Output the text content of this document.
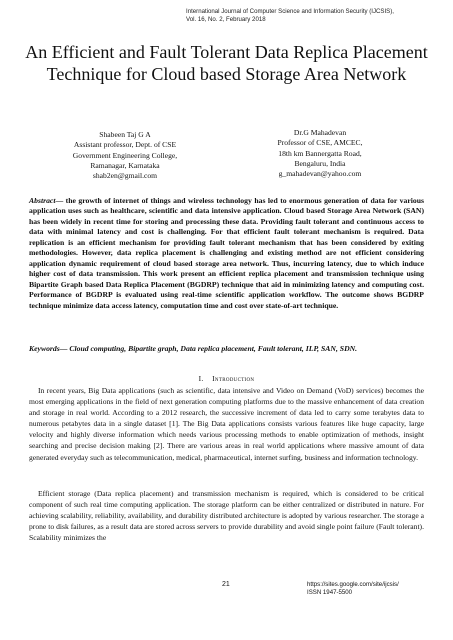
International Journal of Computer Science and Information Security (IJCSIS),
Vol. 16, No. 2, February 2018
An Efficient and Fault Tolerant Data Replica Placement Technique for Cloud based Storage Area Network
Shabeen Taj G A
Assistant professor, Dept. of CSE
Government Engineering College,
Ramanagar, Karnataka
shab2en@gmail.com
Dr.G Mahadevan
Professor of CSE, AMCEC,
18th km Bannergatta Road,
Bengaluru, India
g_mahadevan@yahoo.com

Abstract— the growth of internet of things and wireless technology has led to enormous generation of data for various application uses such as healthcare, scientific and data intensive application. Cloud based Storage Area Network (SAN) has been widely in recent time for storing and processing these data. Providing fault tolerant and continuous access to data with minimal latency and cost is challenging. For that efficient fault tolerant mechanism is required. Data replication is an efficient mechanism for providing fault tolerant mechanism that has been considered by exiting methodologies. However, data replica placement is challenging and existing method are not efficient considering application dynamic requirement of cloud based storage area network. Thus, incurring latency, due to which induce higher cost of data transmission. This work present an efficient replica placement and transmission technique using Bipartite Graph based Data Replica Placement (BGDRP) technique that aid in minimizing latency and computing cost. Performance of BGDRP is evaluated using real-time scientific application workflow. The outcome shows BGDRP technique minimize data access latency, computation time and cost over state-of-art technique.

Keywords— Cloud computing, Bipartite graph, Data replica placement, Fault tolerant, ILP, SAN, SDN.

I. Introduction

In recent years, Big Data applications (such as scientific, data intensive and Video on Demand (VoD) services) becomes the most emerging applications in the field of next generation computing platforms due to the massive enhancement of data creation and storage in real world. According to a 2012 research, the successive increment of data led to carry some terabytes data to numerous petabytes data in a single dataset [1]. The Big Data applications consists various features like huge capacity, large velocity and highly diverse information which needs various processing methods to enable optimization of methods, insight searching and precise decision making [2]. There are various areas in real world applications where massive amount of data generated everyday such as telecommunication, medical, pharmaceutical, internet surfing, business and information technology.

Efficient storage (Data replica placement) and transmission mechanism is required, which is considered to be critical component of such real time computing application. The storage platform can be either centralized or distributed in nature. For achieving scalability, reliability, availability, and durability distributed architecture is adopted by various researcher. The storage a prone to disk failures, as a result data are stored across servers to provide durability and avoid single point failure (Fault tolerant). Scalability minimizes the

21	https://sites.google.com/site/ijcsis/
ISSN 1947-5500
